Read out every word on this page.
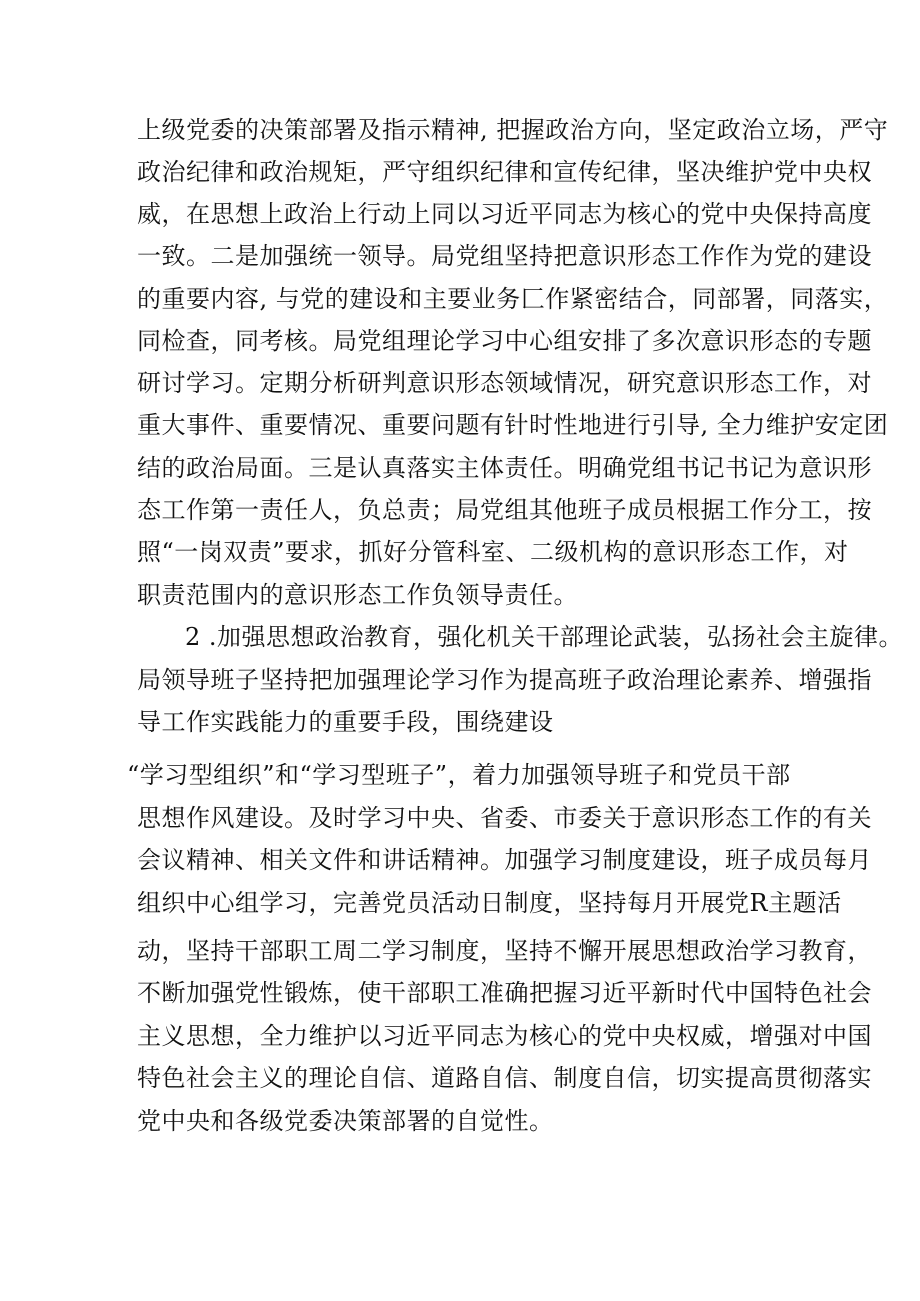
上级党委的决策部署及指示精神, 把握政治方向，坚定政治立场，严守
政治纪律和政治规矩，严守组织纪律和宣传纪律，坚决维护党中央权
威，在思想上政治上行动上同以习近平同志为核心的党中央保持高度
一致。二是加强统一领导。局党组坚持把意识形态工作作为党的建设
的重要内容, 与党的建设和主要业务匚作紧密结合，同部署，同落实，
同检查，同考核。局党组理论学习中心组安排了多次意识形态的专题
研讨学习。定期分析研判意识形态领域情况，研究意识形态工作，对
重大事件、重要情况、重要问题有针时性地进行引导, 全力维护安定团
结的政治局面。三是认真落实主体责任。明确党组书记书记为意识形
态工作第一责任人，负总责；局党组其他班子成员根据工作分工，按
照“一岗双责”要求，抓好分管科室、二级机构的意识形态工作，对
职责范围内的意识形态工作负领导责任。
2 .加强思想政治教育，强化机关干部理论武装，弘扬社会主旋律。
局领导班子坚持把加强理论学习作为提高班子政治理论素养、增强指
导工作实践能力的重要手段，围绕建设
“学习型组织”和“学习型班子”，着力加强领导班子和党员干部
思想作风建设。及时学习中央、省委、市委关于意识形态工作的有关
会议精神、相关文件和讲话精神。加强学习制度建设，班子成员每月
组织中心组学习，完善党员活动日制度，坚持每月开展党R主题活
动，坚持干部职工周二学习制度，坚持不懈开展思想政治学习教育，
不断加强党性锻炼，使干部职工准确把握习近平新时代中国特色社会
主义思想，全力维护以习近平同志为核心的党中央权威，增强对中国
特色社会主义的理论自信、道路自信、制度自信，切实提高贯彻落实
党中央和各级党委决策部署的自觉性。
